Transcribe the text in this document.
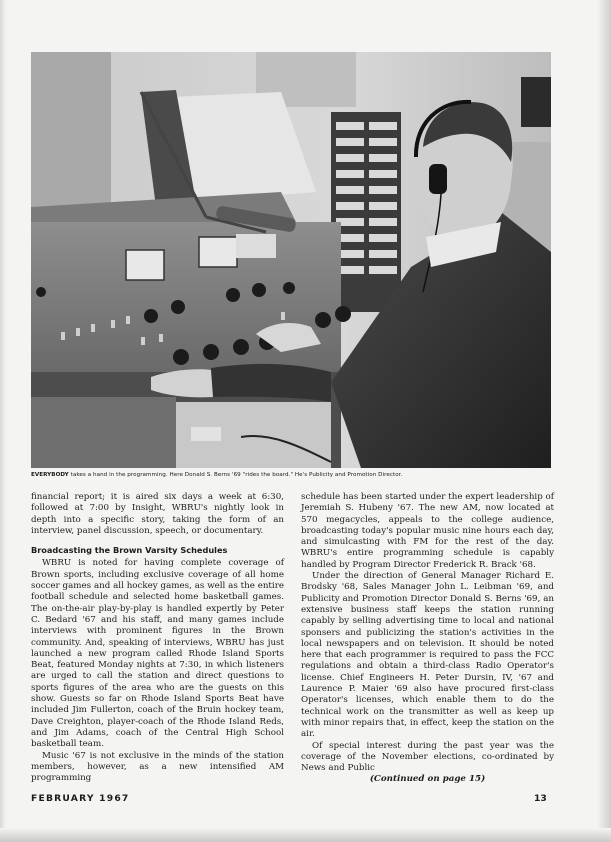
EVERYBODY takes a hand in the programming. Here Donald S. Berns '69 "rides the board." He's Publicity and Promotion Director.

financial report; it is aired six days a week at 6:30, followed at 7:00 by Insight, WBRU's nightly look in depth into a specific story, taking the form of an interview, panel discussion, speech, or documentary.

Broadcasting the Brown Varsity Schedules

WBRU is noted for having complete coverage of Brown sports, including exclusive coverage of all home soccer games and all hockey games, as well as the entire football schedule and selected home basketball games. The on-the-air play-by-play is handled expertly by Peter C. Bedard '67 and his staff, and many games include interviews with prominent figures in the Brown community. And, speaking of interviews, WBRU has just launched a new program called Rhode Island Sports Beat, featured Monday nights at 7:30, in which listeners are urged to call the station and direct questions to sports figures of the area who are the guests on this show. Guests so far on Rhode Island Sports Beat have included Jim Fullerton, coach of the Bruin hockey team, Dave Creighton, player-coach of the Rhode Island Reds, and Jim Adams, coach of the Central High School basketball team.

Music '67 is not exclusive in the minds of the station members, however, as a new intensified AM programming

schedule has been started under the expert leadership of Jeremiah S. Hubeny '67. The new AM, now located at 570 megacycles, appeals to the college audience, broadcasting today's popular music nine hours each day, and simulcasting with FM for the rest of the day. WBRU's entire programming schedule is capably handled by Program Director Frederick R. Brack '68.

Under the direction of General Manager Richard E. Brodsky '68, Sales Manager John L. Leibman '69, and Publicity and Promotion Director Donald S. Berns '69, an extensive business staff keeps the station running capably by selling advertising time to local and national sponsers and publicizing the station's activities in the local newspapers and on television. It should be noted here that each programmer is required to pass the FCC regulations and obtain a third-class Radio Operator's license. Chief Engineers H. Peter Dursin, IV, '67 and Laurence P. Maier '69 also have procured first-class Operator's licenses, which enable them to do the technical work on the transmitter as well as keep up with minor repairs that, in effect, keep the station on the air.

Of special interest during the past year was the coverage of the November elections, co-ordinated by News and Public

(Continued on page 15)

FEBRUARY 1967	13
